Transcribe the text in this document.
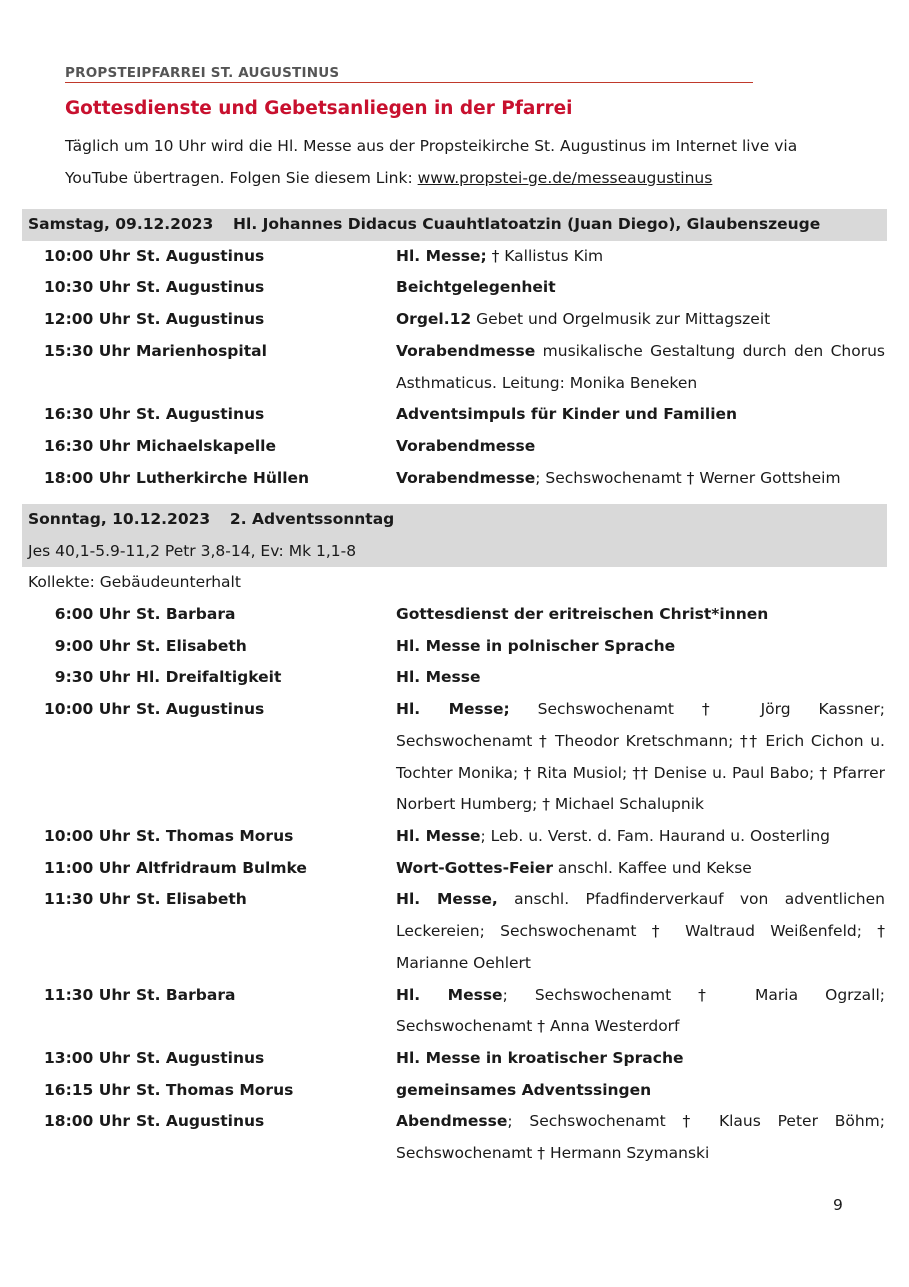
PROPSTEIPFARREI ST. AUGUSTINUS
Gottesdienste und Gebetsanliegen in der Pfarrei
Täglich um 10 Uhr wird die Hl. Messe aus der Propsteikirche St. Augustinus im Internet live via YouTube übertragen. Folgen Sie diesem Link: www.propstei-ge.de/messeaugustinus
Samstag, 09.12.2023 Hl. Johannes Didacus Cuauhtlatoatzin (Juan Diego), Glaubenszeuge
10:00 Uhr St. Augustinus	Hl. Messe; † Kallistus Kim
10:30 Uhr St. Augustinus	Beichtgelegenheit
12:00 Uhr St. Augustinus	Orgel.12 Gebet und Orgelmusik zur Mittagszeit
15:30 Uhr Marienhospital	Vorabendmesse musikalische Gestaltung durch den Chorus Asthmaticus. Leitung: Monika Beneken
16:30 Uhr St. Augustinus	Adventsimpuls für Kinder und Familien
16:30 Uhr Michaelskapelle	Vorabendmesse
18:00 Uhr Lutherkirche Hüllen	Vorabendmesse; Sechswochenamt † Werner Gottsheim
Sonntag, 10.12.2023 2. Adventssonntag
Jes 40,1-5.9-11,2 Petr 3,8-14, Ev: Mk 1,1-8
Kollekte: Gebäudeunterhalt
6:00 Uhr St. Barbara	Gottesdienst der eritreischen Christ*innen
9:00 Uhr St. Elisabeth	Hl. Messe in polnischer Sprache
9:30 Uhr Hl. Dreifaltigkeit	Hl. Messe
10:00 Uhr St. Augustinus	Hl. Messe; Sechswochenamt † Jörg Kassner; Sechswochenamt † Theodor Kretschmann; †† Erich Cichon u. Tochter Monika; † Rita Musiol; †† Denise u. Paul Babo; † Pfarrer Norbert Humberg; † Michael Schalupnik
10:00 Uhr St. Thomas Morus	Hl. Messe; Leb. u. Verst. d. Fam. Haurand u. Oosterling
11:00 Uhr Altfridraum Bulmke	Wort-Gottes-Feier anschl. Kaffee und Kekse
11:30 Uhr St. Elisabeth	Hl. Messe, anschl. Pfadfinderverkauf von adventlichen Leckereien; Sechswochenamt † Waltraud Weißenfeld; † Marianne Oehlert
11:30 Uhr St. Barbara	Hl. Messe; Sechswochenamt † Maria Ogrzall; Sechswochenamt † Anna Westerdorf
13:00 Uhr St. Augustinus	Hl. Messe in kroatischer Sprache
16:15 Uhr St. Thomas Morus	gemeinsames Adventssingen
18:00 Uhr St. Augustinus	Abendmesse; Sechswochenamt † Klaus Peter Böhm; Sechswochenamt † Hermann Szymanski
9
